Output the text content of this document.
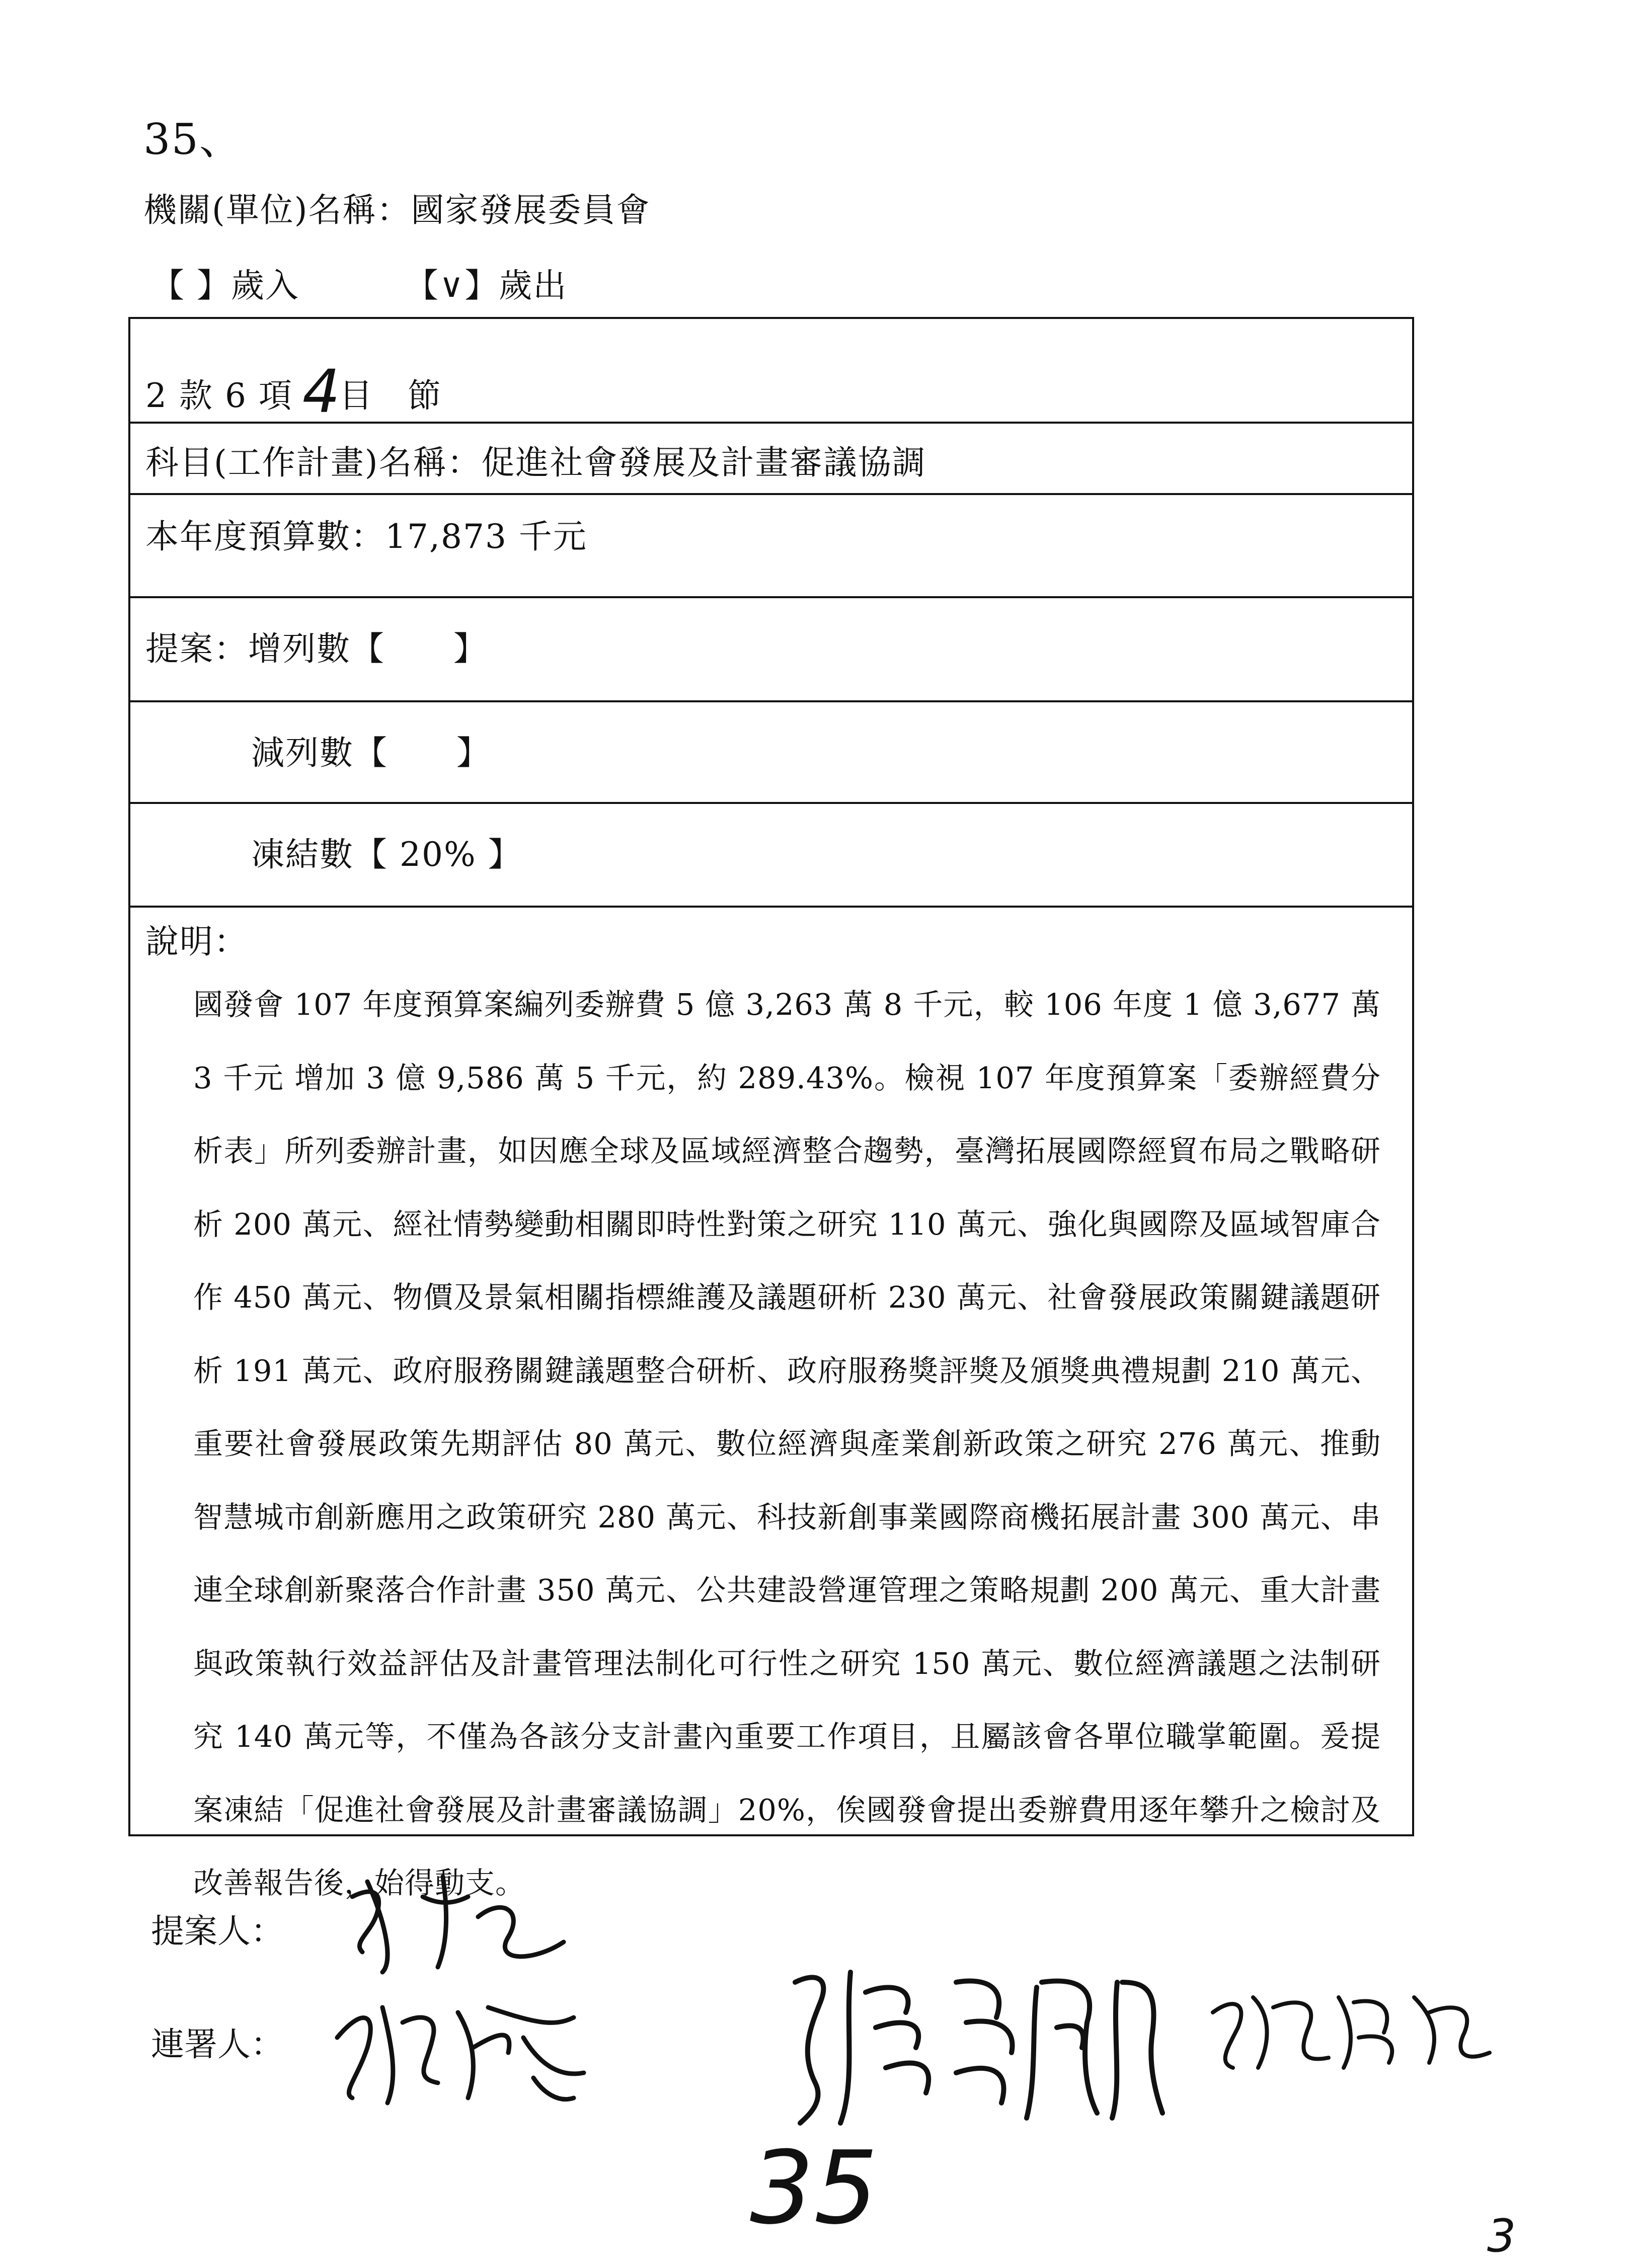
35、
機關(單位)名稱：國家發展委員會
【 】歲入	【∨】歲出
2 款 6 項 4目　節
科目(工作計畫)名稱：促進社會發展及計畫審議協調
本年度預算數：17,873 千元
提案：增列數【　　】
減列數【　　】
凍結數【 20% 】
說明：
國發會 107 年度預算案編列委辦費 5 億 3,263 萬 8 千元，較 106 年度 1 億 3,677 萬 3 千元 增加 3 億 9,586 萬 5 千元，約 289.43%。檢視 107 年度預算案「委辦經費分析表」所列委辦計畫，如因應全球及區域經濟整合趨勢，臺灣拓展國際經貿布局之戰略研析 200 萬元、經社情勢變動相關即時性對策之研究 110 萬元、強化與國際及區域智庫合作 450 萬元、物價及景氣相關指標維護及議題研析 230 萬元、社會發展政策關鍵議題研析 191 萬元、政府服務關鍵議題整合研析、政府服務獎評獎及頒獎典禮規劃 210 萬元、重要社會發展政策先期評估 80 萬元、數位經濟與產業創新政策之研究 276 萬元、推動智慧城市創新應用之政策研究 280 萬元、科技新創事業國際商機拓展計畫 300 萬元、串連全球創新聚落合作計畫 350 萬元、公共建設營運管理之策略規劃 200 萬元、重大計畫與政策執行效益評估及計畫管理法制化可行性之研究 150 萬元、數位經濟議題之法制研究 140 萬元等，不僅為各該分支計畫內重要工作項目，且屬該會各單位職掌範圍。爰提案凍結「促進社會發展及計畫審議協調」20%，俟國發會提出委辦費用逐年攀升之檢討及改善報告後，始得動支。
提案人：
連署人：
35	3
